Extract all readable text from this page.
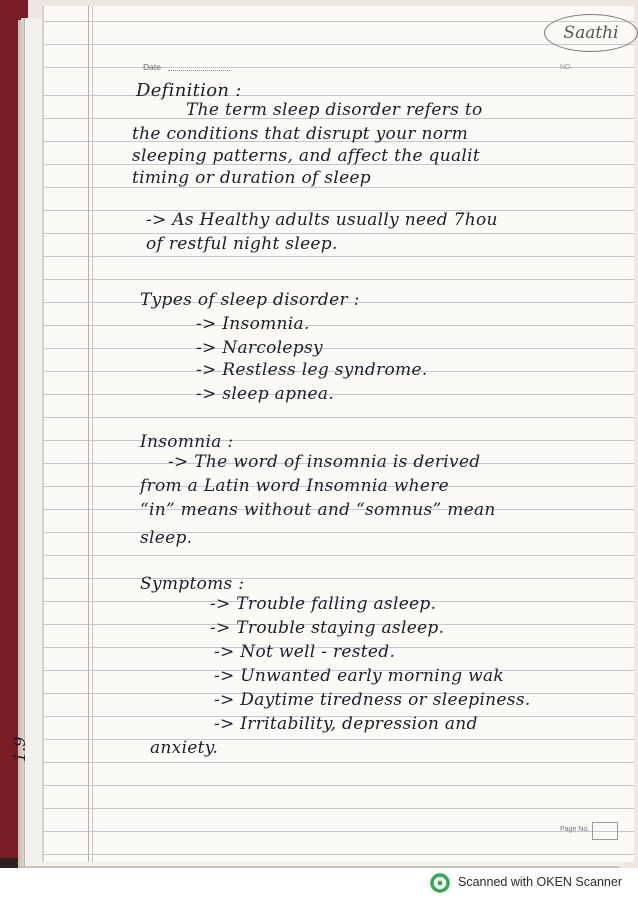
Saathi
Date	NO.
Definition :
The term sleep disorder refers to
the conditions that disrupt your norm
sleeping patterns, and affect the qualit
timing or duration of sleep
-> As Healthy adults usually need 7hou
of restful night sleep.
Types of sleep disorder :
-> Insomnia.
-> Narcolepsy
-> Restless leg syndrome.
-> sleep apnea.
Insomnia :
-> The word of insomnia is derived
from a Latin word Insomnia where
“in” means without and “somnus” mean
sleep.
Symptoms :
-> Trouble falling asleep.
-> Trouble staying asleep.
-> Not well - rested.
-> Unwanted early morning wak
-> Daytime tiredness or sleepiness.
-> Irritability, depression and
anxiety.
1.9
Page No.
Scanned with OKEN Scanner
